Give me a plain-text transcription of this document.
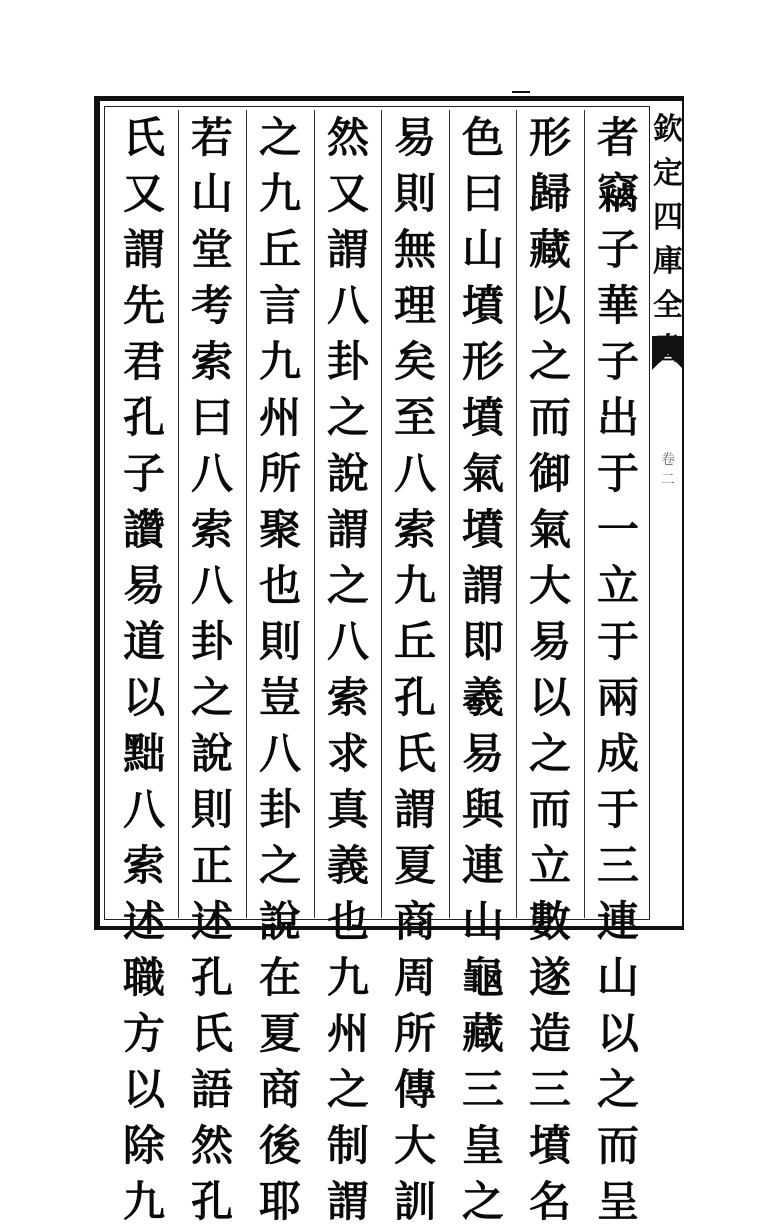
者
竊
子
華
子
出
于
一
立
于
兩
成
于
三
連
山
以
之
而
呈
形
歸
藏
以
之
而
御
氣
大
易
以
之
而
立
數
遂
造
三
墳
名
色
曰
山
墳
形
墳
氣
墳
謂
即
羲
易
與
連
山
龜
藏
三
皇
之
易
則
無
理
矣
至
八
索
九
丘
孔
氏
謂
夏
商
周
所
傳
大
訓
然
又
謂
八
卦
之
說
謂
之
八
索
求
真
義
也
九
州
之
制
謂
之
九
丘
言
九
州
所
聚
也
則
豈
八
卦
之
說
在
夏
商
後
耶
若
山
堂
考
索
曰
八
索
八
卦
之
說
則
正
述
孔
氏
語
然
孔
氏
又
謂
先
君
孔
子
讚
易
道
以
黜
八
索
述
職
方
以
除
九
欽
定
四
庫
全
卷
二
